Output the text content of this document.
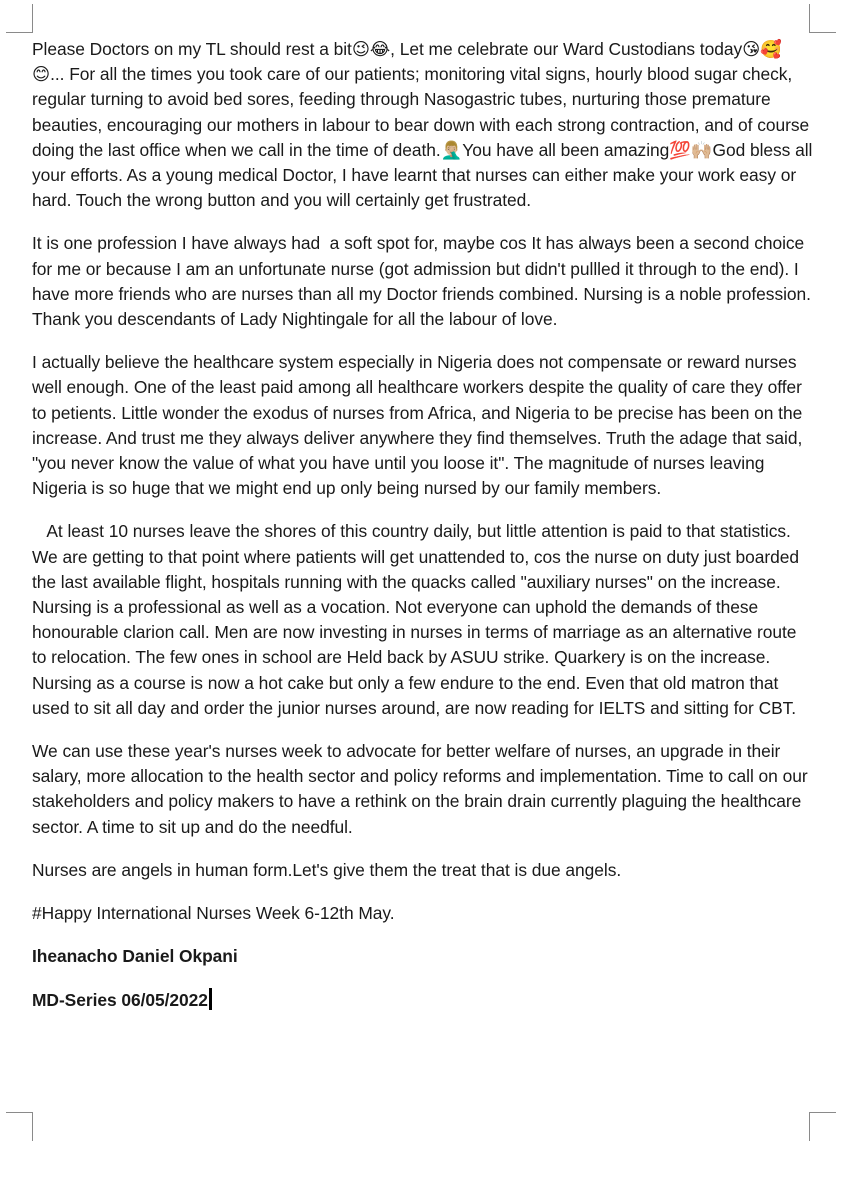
Please Doctors on my TL should rest a bit😉😂, Let me celebrate our Ward Custodians today😘🥰😊... For all the times you took care of our patients; monitoring vital signs, hourly blood sugar check, regular turning to avoid bed sores, feeding through Nasogastric tubes, nurturing those premature beauties, encouraging our mothers in labour to bear down with each strong contraction, and of course doing the last office when we call in the time of death.🤦🏼‍♂You have all been amazing💯🙌🏼God bless all your efforts. As a young medical Doctor, I have learnt that nurses can either make your work easy or hard. Touch the wrong button and you will certainly get frustrated.

It is one profession I have always had  a soft spot for, maybe cos It has always been a second choice for me or because I am an unfortunate nurse (got admission but didn't pullled it through to the end). I have more friends who are nurses than all my Doctor friends combined. Nursing is a noble profession. Thank you descendants of Lady Nightingale for all the labour of love.

I actually believe the healthcare system especially in Nigeria does not compensate or reward nurses well enough. One of the least paid among all healthcare workers despite the quality of care they offer to petients. Little wonder the exodus of nurses from Africa, and Nigeria to be precise has been on the increase. And trust me they always deliver anywhere they find themselves. Truth the adage that said,  "you never know the value of what you have until you loose it". The magnitude of nurses leaving Nigeria is so huge that we might end up only being nursed by our family members.

At least 10 nurses leave the shores of this country daily, but little attention is paid to that statistics. We are getting to that point where patients will get unattended to, cos the nurse on duty just boarded the last available flight, hospitals running with the quacks called "auxiliary nurses" on the increase. Nursing is a professional as well as a vocation. Not everyone can uphold the demands of these honourable clarion call. Men are now investing in nurses in terms of marriage as an alternative route to relocation. The few ones in school are Held back by ASUU strike. Quarkery is on the increase. Nursing as a course is now a hot cake but only a few endure to the end. Even that old matron that used to sit all day and order the junior nurses around, are now reading for IELTS and sitting for CBT.

We can use these year's nurses week to advocate for better welfare of nurses, an upgrade in their salary, more allocation to the health sector and policy reforms and implementation. Time to call on our stakeholders and policy makers to have a rethink on the brain drain currently plaguing the healthcare sector. A time to sit up and do the needful.

Nurses are angels in human form.Let's give them the treat that is due angels.

#Happy International Nurses Week 6-12th May.

Iheanacho Daniel Okpani

MD-Series 06/05/2022
